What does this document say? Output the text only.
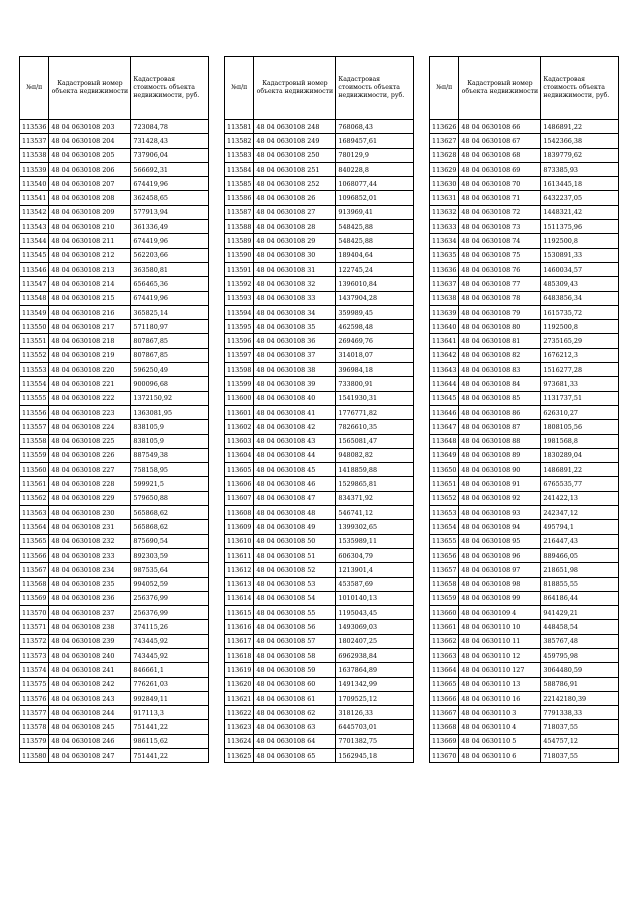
№п/п	Кадастровый номер объекта недвижимости	Кадастровая стоимость объекта недвижимости, руб.
113536	48 04 0630108 203	723084,78
113537	48 04 0630108 204	731428,43
113538	48 04 0630108 205	737906,04
113539	48 04 0630108 206	566692,31
113540	48 04 0630108 207	674419,96
113541	48 04 0630108 208	362458,65
113542	48 04 0630108 209	577913,94
113543	48 04 0630108 210	361336,49
113544	48 04 0630108 211	674419,96
113545	48 04 0630108 212	562203,66
113546	48 04 0630108 213	363580,81
113547	48 04 0630108 214	656465,36
113548	48 04 0630108 215	674419,96
113549	48 04 0630108 216	365825,14
113550	48 04 0630108 217	571180,97
113551	48 04 0630108 218	807867,85
113552	48 04 0630108 219	807867,85
113553	48 04 0630108 220	596250,49
113554	48 04 0630108 221	900096,68
113555	48 04 0630108 222	1372150,92
113556	48 04 0630108 223	1363081,95
113557	48 04 0630108 224	838105,9
113558	48 04 0630108 225	838105,9
113559	48 04 0630108 226	887549,38
113560	48 04 0630108 227	758158,95
113561	48 04 0630108 228	599921,5
113562	48 04 0630108 229	579650,88
113563	48 04 0630108 230	565868,62
113564	48 04 0630108 231	565868,62
113565	48 04 0630108 232	875690,54
113566	48 04 0630108 233	892303,59
113567	48 04 0630108 234	987535,64
113568	48 04 0630108 235	994052,59
113569	48 04 0630108 236	256376,99
113570	48 04 0630108 237	256376,99
113571	48 04 0630108 238	374115,26
113572	48 04 0630108 239	743445,92
113573	48 04 0630108 240	743445,92
113574	48 04 0630108 241	846661,1
113575	48 04 0630108 242	776261,03
113576	48 04 0630108 243	992849,11
113577	48 04 0630108 244	917113,3
113578	48 04 0630108 245	751441,22
113579	48 04 0630108 246	986115,62
113580	48 04 0630108 247	751441,22
№п/п	Кадастровый номер объекта недвижимости	Кадастровая стоимость объекта недвижимости, руб.
113581	48 04 0630108 248	768068,43
113582	48 04 0630108 249	1689457,61
113583	48 04 0630108 250	780129,9
113584	48 04 0630108 251	840228,8
113585	48 04 0630108 252	1068077,44
113586	48 04 0630108 26	1096852,01
113587	48 04 0630108 27	913969,41
113588	48 04 0630108 28	548425,88
113589	48 04 0630108 29	548425,88
113590	48 04 0630108 30	189404,64
113591	48 04 0630108 31	122745,24
113592	48 04 0630108 32	1396010,84
113593	48 04 0630108 33	1437904,28
113594	48 04 0630108 34	359989,45
113595	48 04 0630108 35	462598,48
113596	48 04 0630108 36	269469,76
113597	48 04 0630108 37	314018,07
113598	48 04 0630108 38	396984,18
113599	48 04 0630108 39	733800,91
113600	48 04 0630108 40	1541930,31
113601	48 04 0630108 41	1776771,82
113602	48 04 0630108 42	7826610,35
113603	48 04 0630108 43	1565081,47
113604	48 04 0630108 44	948082,82
113605	48 04 0630108 45	1418859,88
113606	48 04 0630108 46	1529865,81
113607	48 04 0630108 47	834371,92
113608	48 04 0630108 48	546741,12
113609	48 04 0630108 49	1399302,65
113610	48 04 0630108 50	1535989,11
113611	48 04 0630108 51	606304,79
113612	48 04 0630108 52	1213901,4
113613	48 04 0630108 53	453587,69
113614	48 04 0630108 54	1010140,13
113615	48 04 0630108 55	1195043,45
113616	48 04 0630108 56	1493069,03
113617	48 04 0630108 57	1802407,25
113618	48 04 0630108 58	6962938,84
113619	48 04 0630108 59	1637864,89
113620	48 04 0630108 60	1491342,99
113621	48 04 0630108 61	1709525,12
113622	48 04 0630108 62	318126,33
113623	48 04 0630108 63	6445703,01
113624	48 04 0630108 64	7701382,75
113625	48 04 0630108 65	1562945,18
№п/п	Кадастровый номер объекта недвижимости	Кадастровая стоимость объекта недвижимости, руб.
113626	48 04 0630108 66	1486891,22
113627	48 04 0630108 67	1542366,38
113628	48 04 0630108 68	1839779,62
113629	48 04 0630108 69	873385,93
113630	48 04 0630108 70	1613445,18
113631	48 04 0630108 71	6432237,05
113632	48 04 0630108 72	1448321,42
113633	48 04 0630108 73	1511375,96
113634	48 04 0630108 74	1192500,8
113635	48 04 0630108 75	1530891,33
113636	48 04 0630108 76	1460034,57
113637	48 04 0630108 77	485309,43
113638	48 04 0630108 78	6483856,34
113639	48 04 0630108 79	1615735,72
113640	48 04 0630108 80	1192500,8
113641	48 04 0630108 81	2735165,29
113642	48 04 0630108 82	1676212,3
113643	48 04 0630108 83	1516277,28
113644	48 04 0630108 84	973681,33
113645	48 04 0630108 85	1131737,51
113646	48 04 0630108 86	626310,27
113647	48 04 0630108 87	1808105,56
113648	48 04 0630108 88	1981568,8
113649	48 04 0630108 89	1830289,04
113650	48 04 0630108 90	1486891,22
113651	48 04 0630108 91	6765535,77
113652	48 04 0630108 92	241422,13
113653	48 04 0630108 93	242347,12
113654	48 04 0630108 94	495794,1
113655	48 04 0630108 95	216447,43
113656	48 04 0630108 96	889466,05
113657	48 04 0630108 97	218651,98
113658	48 04 0630108 98	818855,55
113659	48 04 0630108 99	864186,44
113660	48 04 0630109 4	941429,21
113661	48 04 0630110 10	448458,54
113662	48 04 0630110 11	385767,48
113663	48 04 0630110 12	459795,98
113664	48 04 0630110 127	3064480,59
113665	48 04 0630110 13	588786,91
113666	48 04 0630110 16	22142180,39
113667	48 04 0630110 3	7791338,33
113668	48 04 0630110 4	718037,55
113669	48 04 0630110 5	454757,12
113670	48 04 0630110 6	718037,55
